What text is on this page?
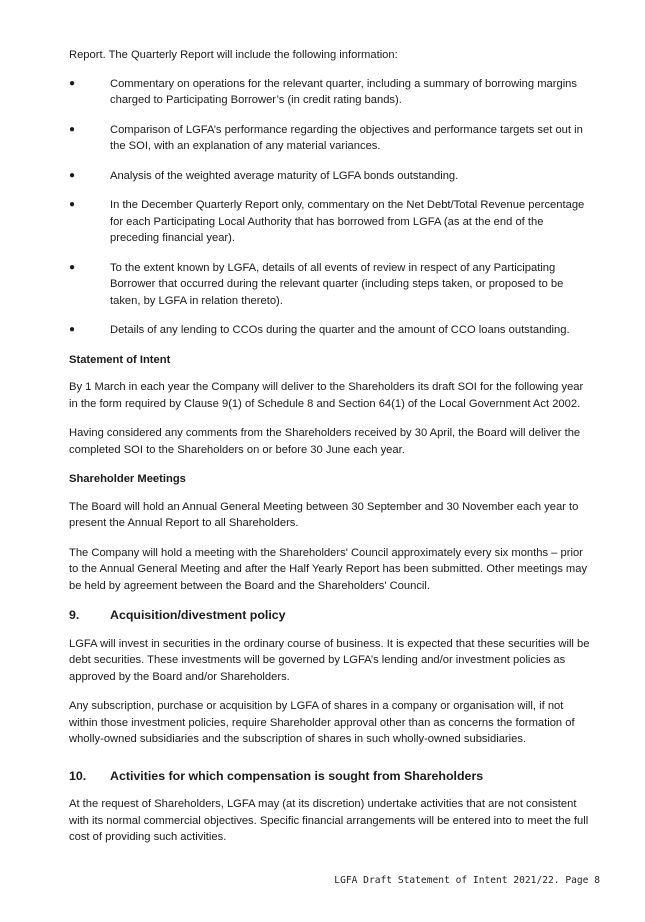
Report. The Quarterly Report will include the following information:

●	Commentary on operations for the relevant quarter, including a summary of borrowing margins charged to Participating Borrower’s (in credit rating bands).
●	Comparison of LGFA’s performance regarding the objectives and performance targets set out in the SOI, with an explanation of any material variances.
●	Analysis of the weighted average maturity of LGFA bonds outstanding.
●	In the December Quarterly Report only, commentary on the Net Debt/Total Revenue percentage for each Participating Local Authority that has borrowed from LGFA (as at the end of the preceding financial year).
●	To the extent known by LGFA, details of all events of review in respect of any Participating Borrower that occurred during the relevant quarter (including steps taken, or proposed to be taken, by LGFA in relation thereto).
●	Details of any lending to CCOs during the quarter and the amount of CCO loans outstanding.

Statement of Intent

By 1 March in each year the Company will deliver to the Shareholders its draft SOI for the following year in the form required by Clause 9(1) of Schedule 8 and Section 64(1) of the Local Government Act 2002.

Having considered any comments from the Shareholders received by 30 April, the Board will deliver the completed SOI to the Shareholders on or before 30 June each year.

Shareholder Meetings

The Board will hold an Annual General Meeting between 30 September and 30 November each year to present the Annual Report to all Shareholders.

The Company will hold a meeting with the Shareholders' Council approximately every six months – prior to the Annual General Meeting and after the Half Yearly Report has been submitted. Other meetings may be held by agreement between the Board and the Shareholders' Council.

9.	Acquisition/divestment policy

LGFA will invest in securities in the ordinary course of business. It is expected that these securities will be debt securities. These investments will be governed by LGFA’s lending and/or investment policies as approved by the Board and/or Shareholders.

Any subscription, purchase or acquisition by LGFA of shares in a company or organisation will, if not within those investment policies, require Shareholder approval other than as concerns the formation of wholly-owned subsidiaries and the subscription of shares in such wholly-owned subsidiaries.

10.	Activities for which compensation is sought from Shareholders

At the request of Shareholders, LGFA may (at its discretion) undertake activities that are not consistent with its normal commercial objectives. Specific financial arrangements will be entered into to meet the full cost of providing such activities.

LGFA Draft Statement of Intent 2021/22. Page 8
